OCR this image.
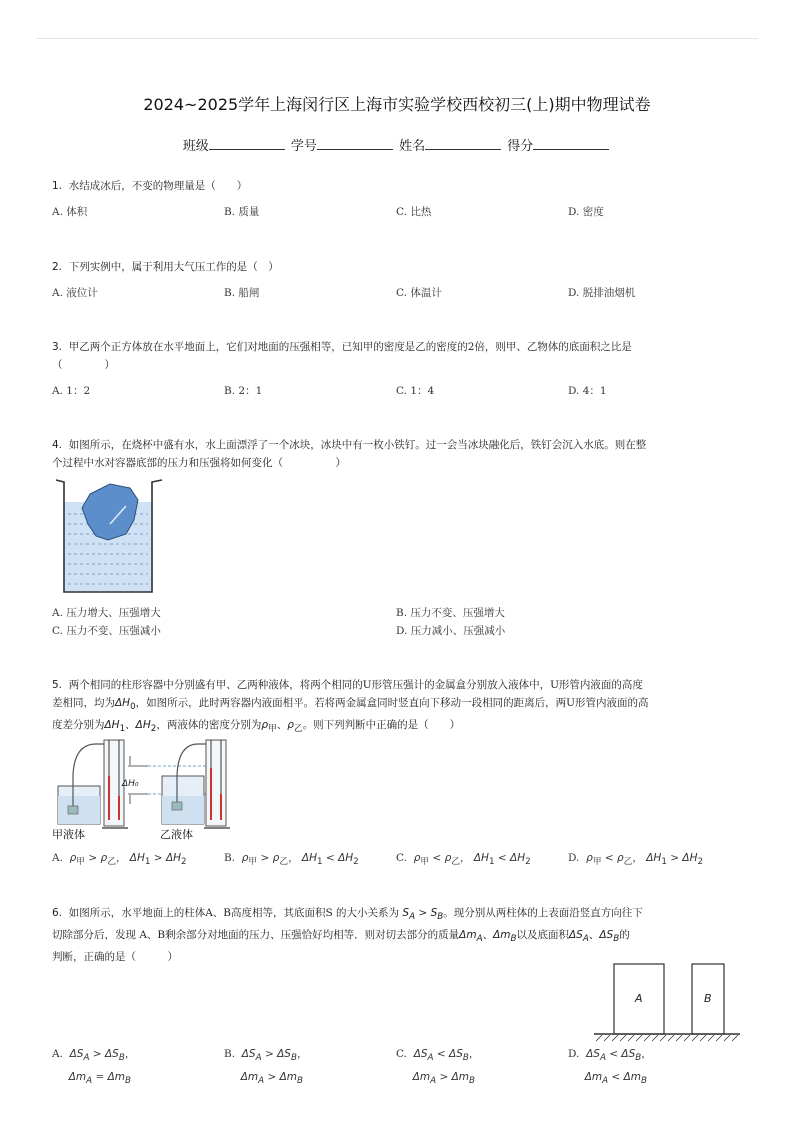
2024~2025学年上海闵行区上海市实验学校西校初三(上)期中物理试卷
班级	学号	姓名	得分
1. 水结成冰后，不变的物理量是（　　）
A. 体积	B. 质量	C. 比热	D. 密度
2. 下列实例中，属于利用大气压工作的是（　）
A. 液位计	B. 船闸	C. 体温计	D. 脱排油烟机
3. 甲乙两个正方体放在水平地面上，它们对地面的压强相等，已知甲的密度是乙的密度的2倍，则甲、乙物体的底面积之比是
（　　　　）
A. 1：2	B. 2：1	C. 1：4	D. 4：1
4. 如图所示，在烧杯中盛有水，水上面漂浮了一个冰块，冰块中有一枚小铁钉。过一会当冰块融化后，铁钉会沉入水底。则在整
个过程中水对容器底部的压力和压强将如何变化（　　　　　）
A. 压力增大、压强增大	B. 压力不变、压强增大
C. 压力不变、压强减小	D. 压力减小、压强减小
5. 两个相同的柱形容器中分别盛有甲、乙两种液体，将两个相同的U形管压强计的金属盒分别放入液体中，U形管内液面的高度
差相同，均为$\Delta H_0$，如图所示，此时两容器内液面相平。若将两金属盒同时竖直向下移动一段相同的距离后，两U形管内液面的高
度差分别为$\Delta H_1$、$\Delta H_2$，两液体的密度分别为$\rho_甲$、$\rho_乙$。则下列判断中正确的是（　　）
ΔH₀
甲液体	乙液体
A. $\rho_甲 > \rho_乙$， $\Delta H_1 > \Delta H_2$	B. $\rho_甲 > \rho_乙$， $\Delta H_1 < \Delta H_2$	C. $\rho_甲 < \rho_乙$， $\Delta H_1 < \Delta H_2$	D. $\rho_甲 < \rho_乙$， $\Delta H_1 > \Delta H_2$
6. 如图所示，水平地面上的柱体A、B高度相等，其底面积S 的大小关系为 $S_A > S_B$。现分别从两柱体的上表面沿竖直方向往下
切除部分后，发现 A、B剩余部分对地面的压力、压强恰好均相等．则对切去部分的质量$\Delta m_A$、$\Delta m_B$以及底面积$\Delta S_A$、$\Delta S_B$的
判断，正确的是（　　　）
A	B
A. $\Delta S_A > \Delta S_B$，
$\Delta m_A = \Delta m_B$
B. $\Delta S_A > \Delta S_B$，
$\Delta m_A > \Delta m_B$
C. $\Delta S_A < \Delta S_B$，
$\Delta m_A > \Delta m_B$
D. $\Delta S_A < \Delta S_B$，
$\Delta m_A < \Delta m_B$
